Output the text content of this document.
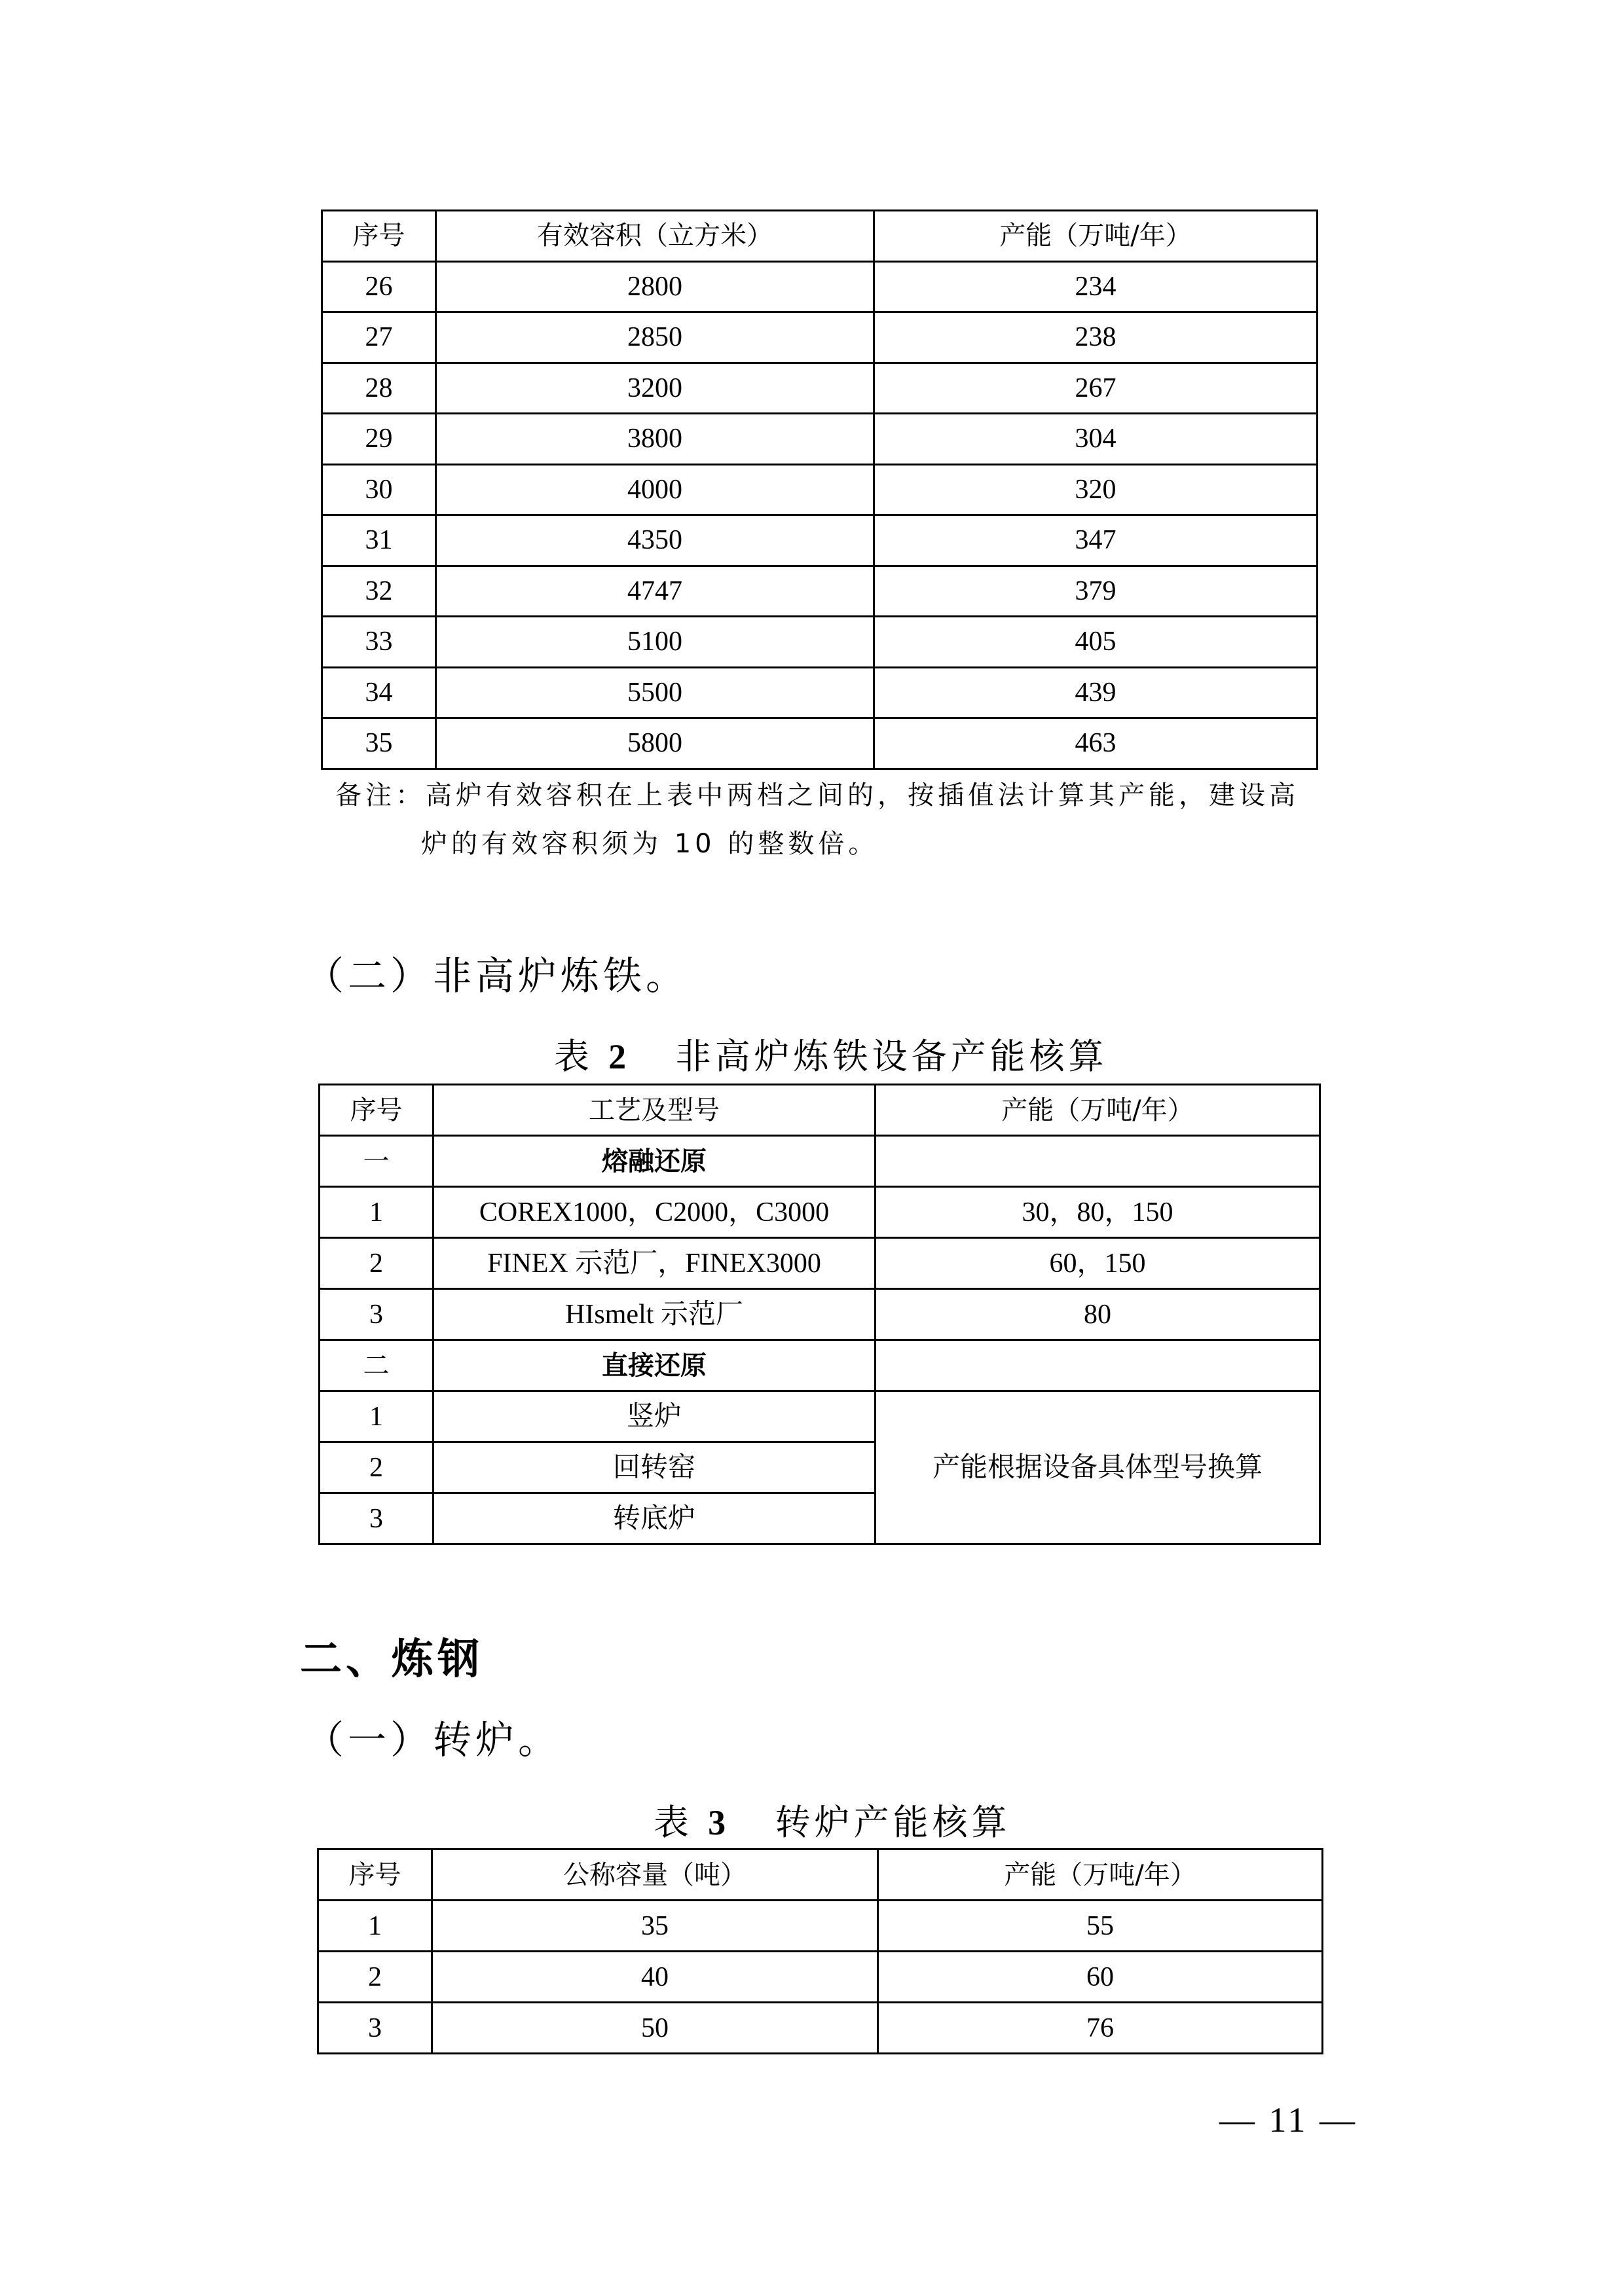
序号	有效容积（立方米）	产能（万吨/年）
26	2800	234
27	2850	238
28	3200	267
29	3800	304
30	4000	320
31	4350	347
32	4747	379
33	5100	405
34	5500	439
35	5800	463
备注：高炉有效容积在上表中两档之间的，按插值法计算其产能，建设高
炉的有效容积须为 10 的整数倍。
（二）非高炉炼铁。
表 2 非高炉炼铁设备产能核算
序号	工艺及型号	产能（万吨/年）
一	熔融还原	
1	COREX1000，C2000，C3000	30，80，150
2	FINEX 示范厂，FINEX3000	60，150
3	HIsmelt 示范厂	80
二	直接还原	
1	竖炉	产能根据设备具体型号换算
2	回转窑	
3	转底炉	
二、炼钢
（一）转炉。
表 3 转炉产能核算
序号	公称容量（吨）	产能（万吨/年）
1	35	55
2	40	60
3	50	76
— 11 —
